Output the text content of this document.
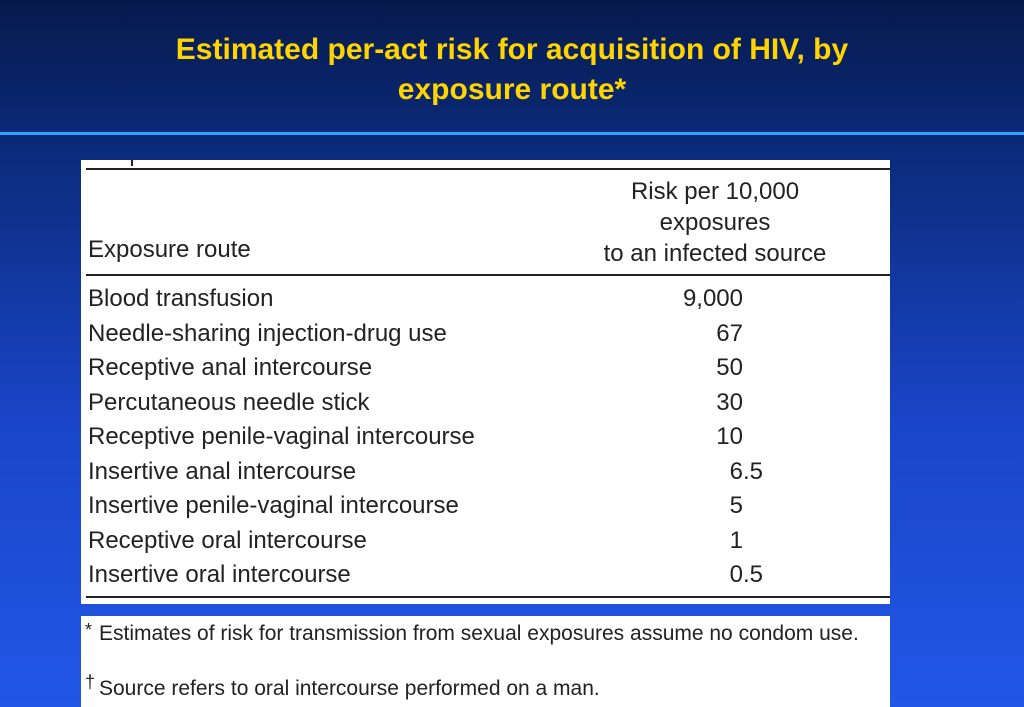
Estimated per-act risk for acquisition of HIV, by
exposure route*
Exposure route
Risk per 10,000
exposures
to an infected source
Blood transfusion	9,000
Needle-sharing injection-drug use	67
Receptive anal intercourse	50
Percutaneous needle stick	30
Receptive penile-vaginal intercourse	10
Insertive anal intercourse	6.5
Insertive penile-vaginal intercourse	5
Receptive oral intercourse	1
Insertive oral intercourse	0.5
* Estimates of risk for transmission from sexual exposures assume no condom use.
† Source refers to oral intercourse performed on a man.
